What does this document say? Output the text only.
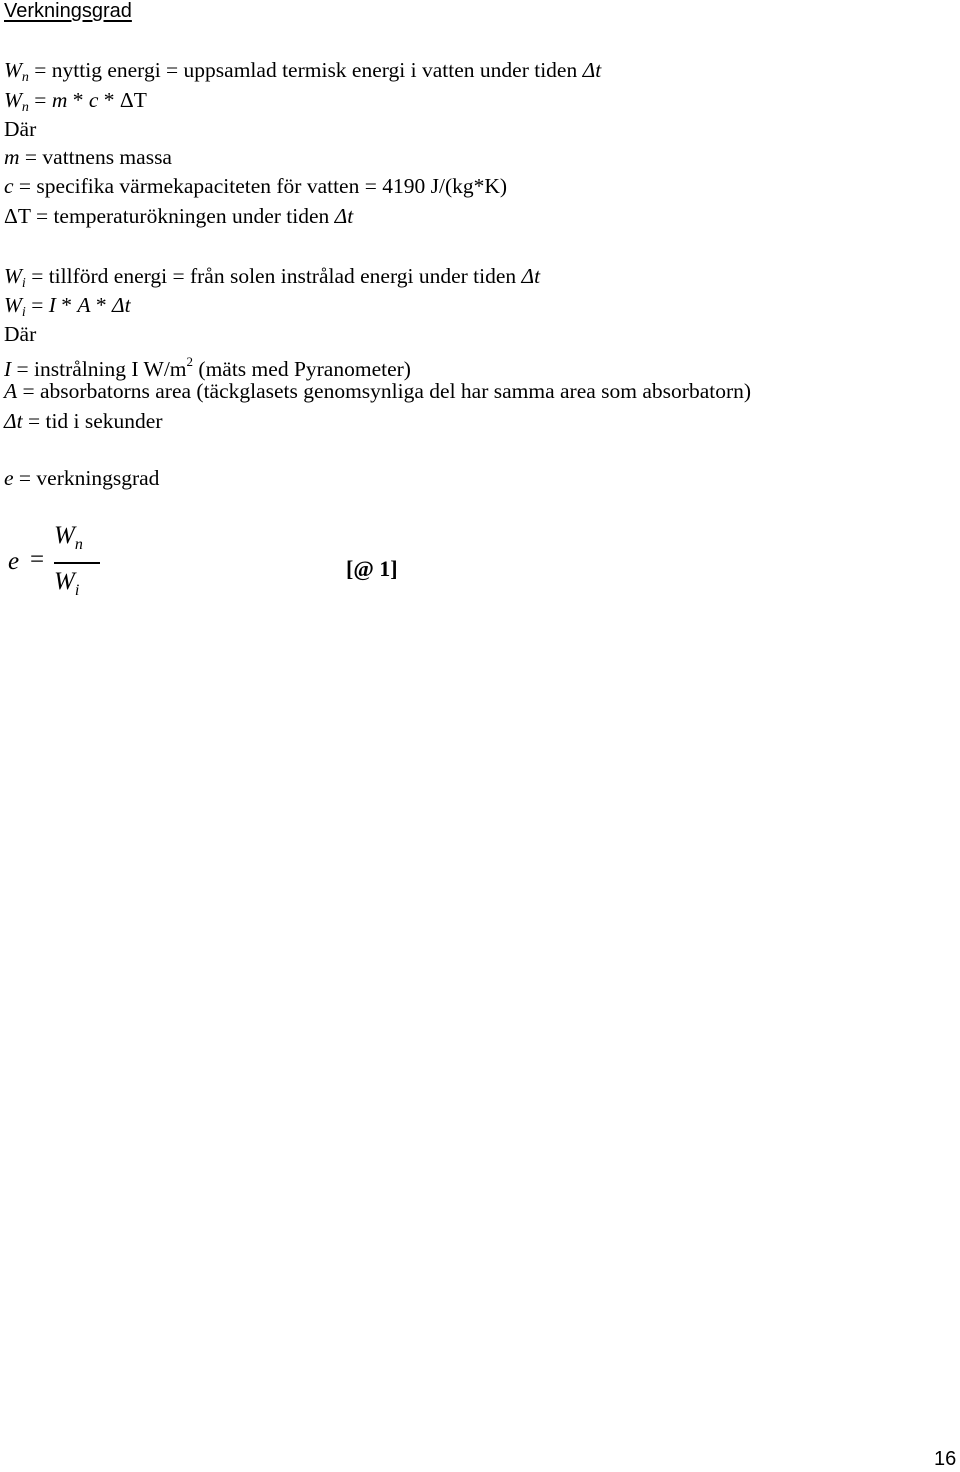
Verkningsgrad
$W_n$ = nyttig energi = uppsamlad termisk energi i vatten under tiden Δt
$W_n = m * c * \Delta T$
Där
m = vattnens massa
c = specifika värmekapaciteten för vatten = 4190 J/(kg*K)
ΔT = temperaturökningen under tiden Δt
$W_i$ = tillförd energi = från solen instrålad energi under tiden Δt
$W_i = I * A * \Delta t$
Där
I = instrålning I $W/m^2$ (mäts med Pyranometer)
A = absorbatorns area (täckglasets genomsynliga del har samma area som absorbatorn)
Δt = tid i sekunder
e = verkningsgrad
e =
$W_n$
$W_i$
[@ 1]
16
